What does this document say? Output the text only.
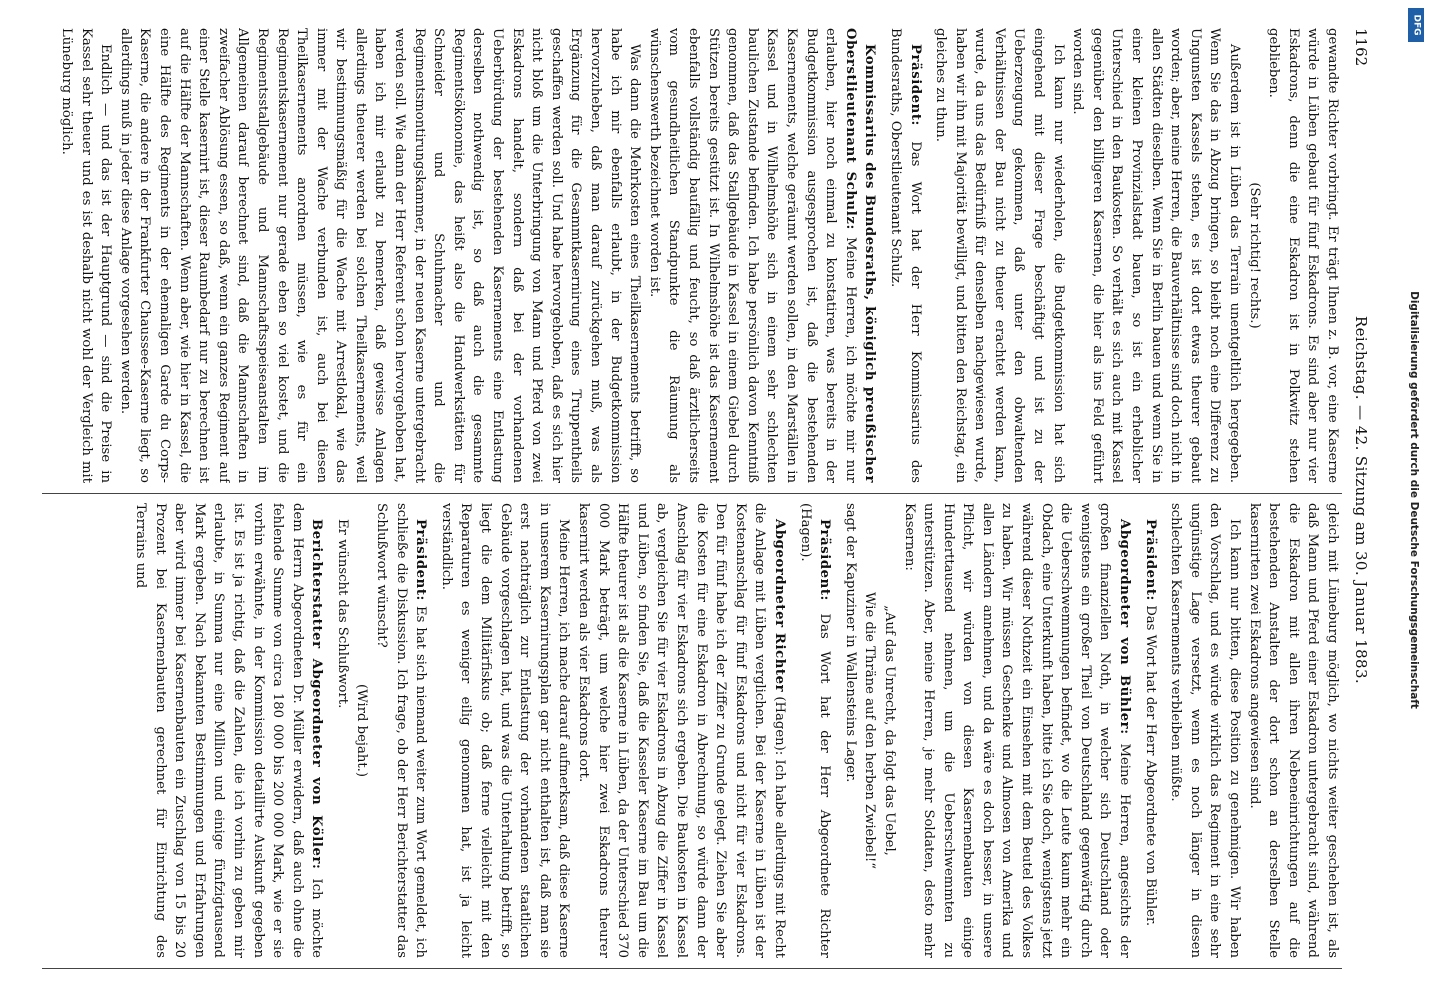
1162
Reichstag. — 42. Sitzung am 30. Januar 1883.

gewandte Richter vorbringt. Er trägt Ihnen z. B. vor, eine Kaserne würde in Lüben gebaut für fünf Eskadrons. Es sind aber nur vier Eskadrons, denn die eine Eskadron ist in Polkwitz stehen geblieben.

(Sehr richtig! rechts.)

Außerdem ist in Lüben das Terrain unentgeltlich hergegeben. Wenn Sie das in Abzug bringen, so bleibt noch eine Differenz zu Ungunsten Kassels stehen, es ist dort etwas theurer gebaut worden; aber, meine Herren, die Bauverhältnisse sind doch nicht in allen Städten dieselben. Wenn Sie in Berlin bauen und wenn Sie in einer kleinen Provinzialstadt bauen, so ist ein erheblicher Unterschied in den Baukosten. So verhält es sich auch mit Kassel gegenüber den billigeren Kasernen, die hier als ins Feld geführt worden sind.

Ich kann nur wiederholen, die Budgetkommission hat sich eingehend mit dieser Frage beschäftigt und ist zu der Ueberzeugung gekommen, daß unter den obwaltenden Verhältnissen der Bau nicht zu theuer erachtet werden kann, wurde, da uns das Bedürfniß für denselben nachgewiesen wurde, haben wir ihn mit Majorität bewilligt, und bitten den Reichstag, ein gleiches zu thun.

Präsident: Das Wort hat der Herr Kommissarius des Bundesraths, Oberstlieutenant Schulz.

Kommissarius des Bundesraths, königlich preußischer Oberstlieutenant Schulz: Meine Herren, ich möchte mir nur erlauben, hier noch einmal zu konstatiren, was bereits in der Budgetkommission ausgesprochen ist, daß die bestehenden Kasernements, welche geräumt werden sollen, in den Marställen in Kassel und in Wilhelmshöhe sich in einem sehr schlechten baulichen Zustande befinden. Ich habe persönlich davon Kenntniß genommen, daß das Stallgebäude in Kassel in einem Giebel durch Stützen bereits gestützt ist. In Wilhelmshöhe ist das Kasernement ebenfalls vollständig baufällig und feucht, so daß ärztlicherseits vom gesundheitlichen Standpunkte die Räumung als wünschenswerth bezeichnet worden ist.

Was dann die Mehrkosten eines Theilkasernements betrifft, so habe ich mir ebenfalls erlaubt, in der Budgetkommission hervorzuheben, daß man darauf zurückgehen muß, was als Ergänzung für die Gesammtkasernirung eines Truppentheils geschaffen werden soll. Und habe hervorgehoben, daß es sich hier nicht bloß um die Unterbringung von Mann und Pferd von zwei Eskadrons handelt, sondern daß bei der vorhandenen Ueberbürdung der bestehenden Kasernements eine Entlastung derselben nothwendig ist, so daß auch die gesammte Regimentsökonomie, das heißt also die Handwerkstätten für Schneider und Schuhmacher und die Regimentsmontirungskammer, in der neuen Kaserne untergebracht werden soll. Wie dann der Herr Referent schon hervorgehoben hat, haben ich mir erlaubt zu bemerken, daß gewisse Anlagen allerdings theuerer werden bei solchen Theilkasernements, weil wir bestimmungsmäßig für die Wache mit Arrestlokal, wie das immer mit der Wache verbunden ist, auch bei diesen Theilkasernements anordnen müssen, wie es für ein Regimentskasernement nur gerade eben so viel kostet, und die Regimentsstallgebäude und Mannschaftsspeiseanstalten im Allgemeinen darauf berechnet sind, daß die Mannschaften in zweifacher Ablösung essen, so daß, wenn ein ganzes Regiment auf einer Stelle kasernirt ist, dieser Raumbedarf nur zu berechnen ist auf die Hälfte der Mannschaften. Wenn aber, wie hier in Kassel, die eine Hälfte des Regiments in der ehemaligen Garde du Corps-Kaserne, die andere in der Frankfurter Chaussee-Kaserne liegt, so allerdings muß in jeder diese Anlage vorgesehen werden.

Endlich — und das ist der Hauptgrund — sind die Preise in Kassel sehr theuer und es ist deshalb nicht wohl der Vergleich mit Lüneburg möglich.

gleich mit Lüneburg möglich, wo nichts weiter geschehen ist, als daß Mann und Pferd einer Eskadron untergebracht sind, während die Eskadron mit allen ihren Nebeneinrichtungen auf die bestehenden Anstalten der dort schon an derselben Stelle kasernirten zwei Eskadrons angewiesen sind.

Ich kann nur bitten, diese Position zu genehmigen. Wir haben den Vorschlag, und es würde wirklich das Regiment in eine sehr ungünstige Lage versetzt, wenn es noch länger in diesen schlechten Kasernements verbleiben müßte.

Präsident: Das Wort hat der Herr Abgeordnete von Bühler.

Abgeordneter von Bühler: Meine Herren, angesichts der großen finanziellen Noth, in welcher sich Deutschland oder wenigstens ein großer Theil von Deutschland gegenwärtig durch die Ueberschwemmungen befindet, wo die Leute kaum mehr ein Obdach, eine Unterkunft haben, bitte ich Sie doch, wenigstens jetzt während dieser Nothzeit ein Einsehen mit dem Beutel des Volkes zu haben. Wir müssen Geschenke und Almosen von Amerika und allen Ländern annehmen, und da wäre es doch besser, in unsere Pflicht, wir würden von diesen Kasernenbauten einige Hunderttausend nehmen, um die Ueberschwemmten zu unterstützen. Aber, meine Herren, je mehr Soldaten, desto mehr Kasernen:

„Auf das Unrecht, da folgt das Uebel,

Wie die Thräne auf den herben Zwiebel!“

sagt der Kapuziner in Wallensteins Lager.

Präsident: Das Wort hat der Herr Abgeordnete Richter (Hagen).

Abgeordneter Richter (Hagen): Ich habe allerdings mit Recht die Anlage mit Lüben verglichen. Bei der Kaserne in Lüben ist der Kostenanschlag für fünf Eskadrons und nicht für vier Eskadrons. Den für fünf habe ich der Ziffer zu Grunde gelegt. Ziehen Sie aber die Kosten für eine Eskadron in Abrechnung, so würde dann der Anschlag für vier Eskadrons sich ergeben. Die Baukosten in Kassel ab, vergleichen Sie für vier Eskadrons in Abzug die Ziffer in Kassel und Lüben, so finden Sie, daß die Kasseler Kaserne im Bau um die Hälfte theurer ist als die Kaserne in Lüben, da der Unterschied 370 000 Mark beträgt, um welche hier zwei Eskadrons theurer kasernirt werden als vier Eskadrons dort.

Meine Herren, ich mache darauf aufmerksam, daß diese Kaserne in unserem Kasernirungsplan gar nicht enthalten ist, daß man sie erst nachträglich zur Entlastung der vorhandenen staatlichen Gebäude vorgeschlagen hat, und was die Unterhaltung betrifft, so liegt die dem Militärfiskus ob; daß ferne vielleicht mit den Reparaturen es weniger eilig genommen hat, ist ja leicht verständlich.

Präsident: Es hat sich niemand weiter zum Wort gemeldet, ich schließe die Diskussion. Ich frage, ob der Herr Berichterstatter das Schlußwort wünscht?

(Wird bejaht.)

Er wünscht das Schlußwort.

Berichterstatter Abgeordneter von Köller: Ich möchte dem Herrn Abgeordneten Dr. Müller erwidern, daß auch ohne die fehlende Summe von circa 180 000 bis 200 000 Mark, wie er sie vorhin erwähnte, in der Kommission detaillirte Auskunft gegeben ist. Es ist ja richtig, daß die Zahlen, die ich vorhin zu geben mir erlaubte, in Summa nur eine Million und einige fünfzigtausend Mark ergeben. Nach bekannten Bestimmungen und Erfahrungen aber wird immer bei Kasernenbauten ein Zuschlag von 15 bis 20 Prozent bei Kasernenbauten gerechnet für Einrichtung des Terrains und

DFG
Digitalisierung gefördert durch die Deutsche Forschungsgemeinschaft
